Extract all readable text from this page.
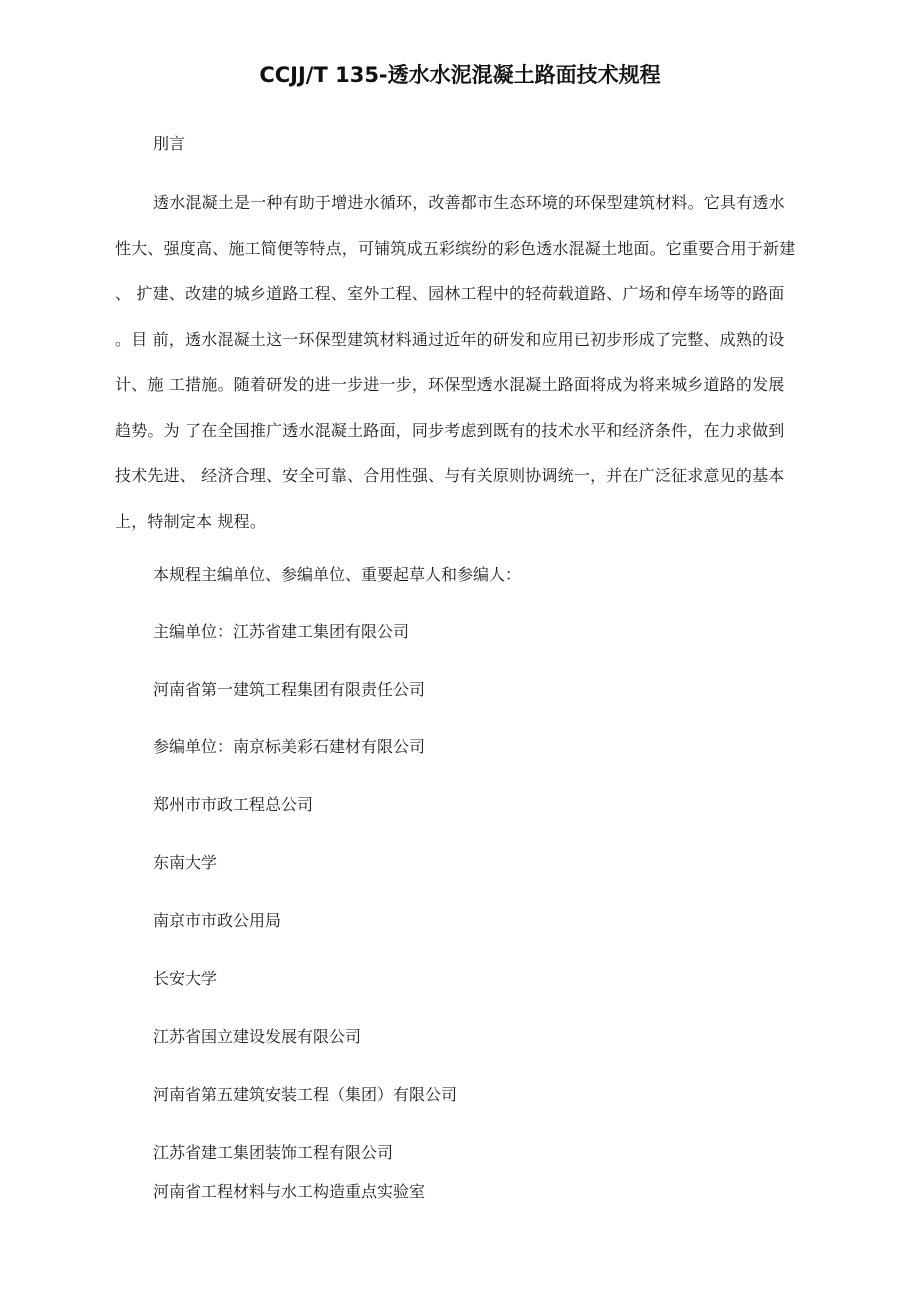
CCJJ/T 135-透水水泥混凝土路面技术规程
刖言
透水混凝土是一种有助于增进水循环，改善都市生态环境的环保型建筑材料。它具有透水
性大、强度高、施工简便等特点，可铺筑成五彩缤纷的彩色透水混凝土地面。它重要合用于新建
、 扩建、改建的城乡道路工程、室外工程、园林工程中的轻荷载道路、广场和停车场等的路面
。目 前，透水混凝土这一环保型建筑材料通过近年的研发和应用已初步形成了完整、成熟的设
计、施 工措施。随着研发的进一步进一步，环保型透水混凝土路面将成为将来城乡道路的发展
趋势。为 了在全国推广透水混凝土路面，同步考虑到既有的技术水平和经济条件，在力求做到
技术先进、 经济合理、安全可靠、合用性强、与有关原则协调统一，并在广泛征求意见的基本
上，特制定本 规程。
本规程主编单位、参编单位、重要起草人和参编人：
主编单位：江苏省建工集团有限公司
河南省第一建筑工程集团有限责任公司
参编单位：南京标美彩石建材有限公司
郑州市市政工程总公司
东南大学
南京市市政公用局
长安大学
江苏省国立建设发展有限公司
河南省第五建筑安装工程（集团）有限公司
江苏省建工集团装饰工程有限公司
河南省工程材料与水工构造重点实验室
